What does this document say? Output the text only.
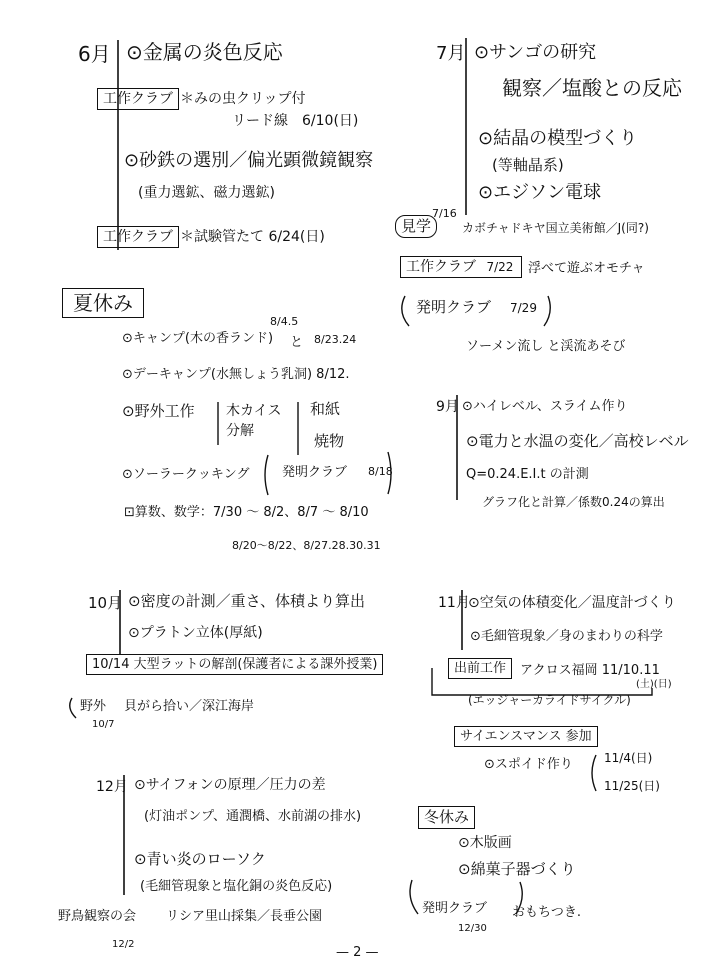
6月 ⊙金属の炎色反応
工作クラブ ＊みの虫クリップ付
リード線　6/10(日)
⊙砂鉄の選別／偏光顕微鏡観察
(重力選鉱、磁力選鉱)
工作クラブ ＊試験管たて 6/24(日)
7月 ⊙サンゴの研究
観察／塩酸との反応
⊙結晶の模型づくり
(等軸晶系)
⊙エジソン電球
見学
7/16
カボチャドキヤ国立美術館／J(同?)
工作クラブ 7/22	浮べて遊ぶオモチャ
発明クラブ 7/29
ソーメン流し と渓流あそび
夏休み
⊙キャンプ(木の香ランド)
8/4.5
と 8/23.24
⊙デーキャンプ(水無しょう乳洞) 8/12.
⊙野外工作 木カイス
分解
和紙
焼物
⊙ソーラークッキング 発明クラブ 8/18
⊡算数、数学：7/30 ～ 8/2、8/7 ～ 8/10
8/20～8/22、8/27.28.30.31
9月 ⊙ハイレベル、スライム作り
⊙電力と水温の変化／高校レベル
Q=0.24.E.I.t の計測
グラフ化と計算／係数0.24の算出
10月 ⊙密度の計測／重さ、体積より算出
⊙プラトン立体(厚紙)
10/14 大型ラットの解剖(保護者による課外授業)
野外
10/7
貝がら拾い／深江海岸
11月
⊙空気の体積変化／温度計づくり
⊙毛細管現象／身のまわりの科学
出前工作	アクロス福岡 11/10.11
(土)(日)
(エッジャーカライドサイクル)
サイエンスマンス 参加
⊙スポイド作り	11/4(日)
11/25(日)
12月 ⊙サイフォンの原理／圧力の差
(灯油ポンプ、通潤橋、水前湖の排水)
⊙青い炎のローソク
(毛細管現象と塩化銅の炎色反応)
野鳥観察の会
12/2
リシア里山採集／長垂公園
冬休み
⊙木版画
⊙綿菓子器づくり
発明クラブ おもちつき.
12/30
— 2 —
